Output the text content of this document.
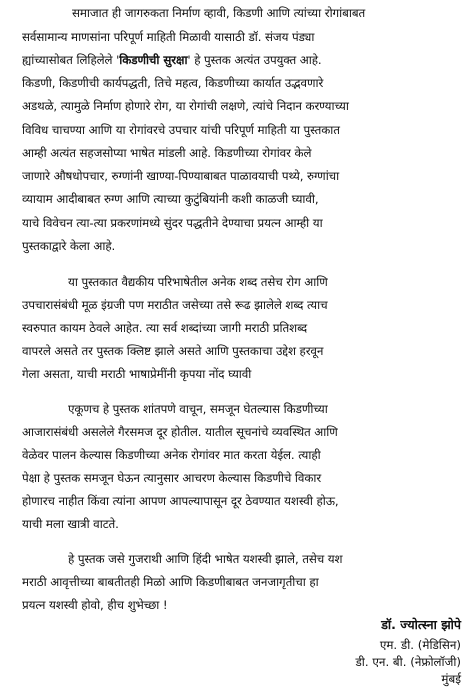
समाजात ही जागरुकता निर्माण व्हावी, किडणी आणि त्यांच्या रोगांबाबत
सर्वसामान्य माणसांना परिपूर्ण माहिती मिळावी यासाठी डॉ. संजय पंड्या
ह्यांच्यासोबत लिहिलेले 'किडणीची सुरक्षा' हे पुस्तक अत्यंत उपयुक्त आहे.
किडणी, किडणीची कार्यपद्धती, तिचे महत्व, किडणीच्या कार्यात उद्भवणारे
अडथळे, त्यामुळे निर्माण होणारे रोग, या रोगांची लक्षणे, त्यांचे निदान करण्याच्या
विविध चाचण्या आणि या रोगांवरचे उपचार यांची परिपूर्ण माहिती या पुस्तकात
आम्ही अत्यंत सहजसोप्या भाषेत मांडली आहे. किडणीच्या रोगांवर केले
जाणारे औषधोपचार, रुग्णांनी खाण्या-पिण्याबाबत पाळावयाची पथ्ये, रुग्णांचा
व्यायाम आदीबाबत रुग्ण आणि त्याच्या कुटुंबियांनी कशी काळजी घ्यावी,
याचे विवेचन त्या-त्या प्रकरणांमध्ये सुंदर पद्धतीने देण्याचा प्रयत्न आम्ही या
पुस्तकाद्वारे केला आहे.
या पुस्तकात वैद्यकीय परिभाषेतील अनेक शब्द तसेच रोग आणि
उपचारासंबंधी मूळ इंग्रजी पण मराठीत जसेच्या तसे रूढ झालेले शब्द त्याच
स्वरुपात कायम ठेवले आहेत. त्या सर्व शब्दांच्या जागी मराठी प्रतिशब्द
वापरले असते तर पुस्तक क्लिष्ट झाले असते आणि पुस्तकाचा उद्देश हरवून
गेला असता, याची मराठी भाषाप्रेमींनी कृपया नोंद घ्यावी
एकूणच हे पुस्तक शांतपणे वाचून, समजून घेतल्यास किडणीच्या
आजारासंबंधी असलेले गैरसमज दूर होतील. यातील सूचनांचे व्यवस्थित आणि
वेळेवर पालन केल्यास किडणीच्या अनेक रोगांवर मात करता येईल. त्याही
पेक्षा हे पुस्तक समजून घेऊन त्यानुसार आचरण केल्यास किडणीचे विकार
होणारच नाहीत किंवा त्यांना आपण आपल्यापासून दूर ठेवण्यात यशस्वी होऊ,
याची मला खात्री वाटते.
हे पुस्तक जसे गुजराथी आणि हिंदी भाषेत यशस्वी झाले, तसेच यश
मराठी आवृत्तीच्या बाबतीतही मिळो आणि किडणीबाबत जनजागृतीचा हा
प्रयत्न यशस्वी होवो, हीच शुभेच्छा !
डॉ. ज्योत्स्ना झोपे
एम. डी. (मेडिसिन)
डी. एन. बी. (नेफ्रोलॉजी)
मुंबई
